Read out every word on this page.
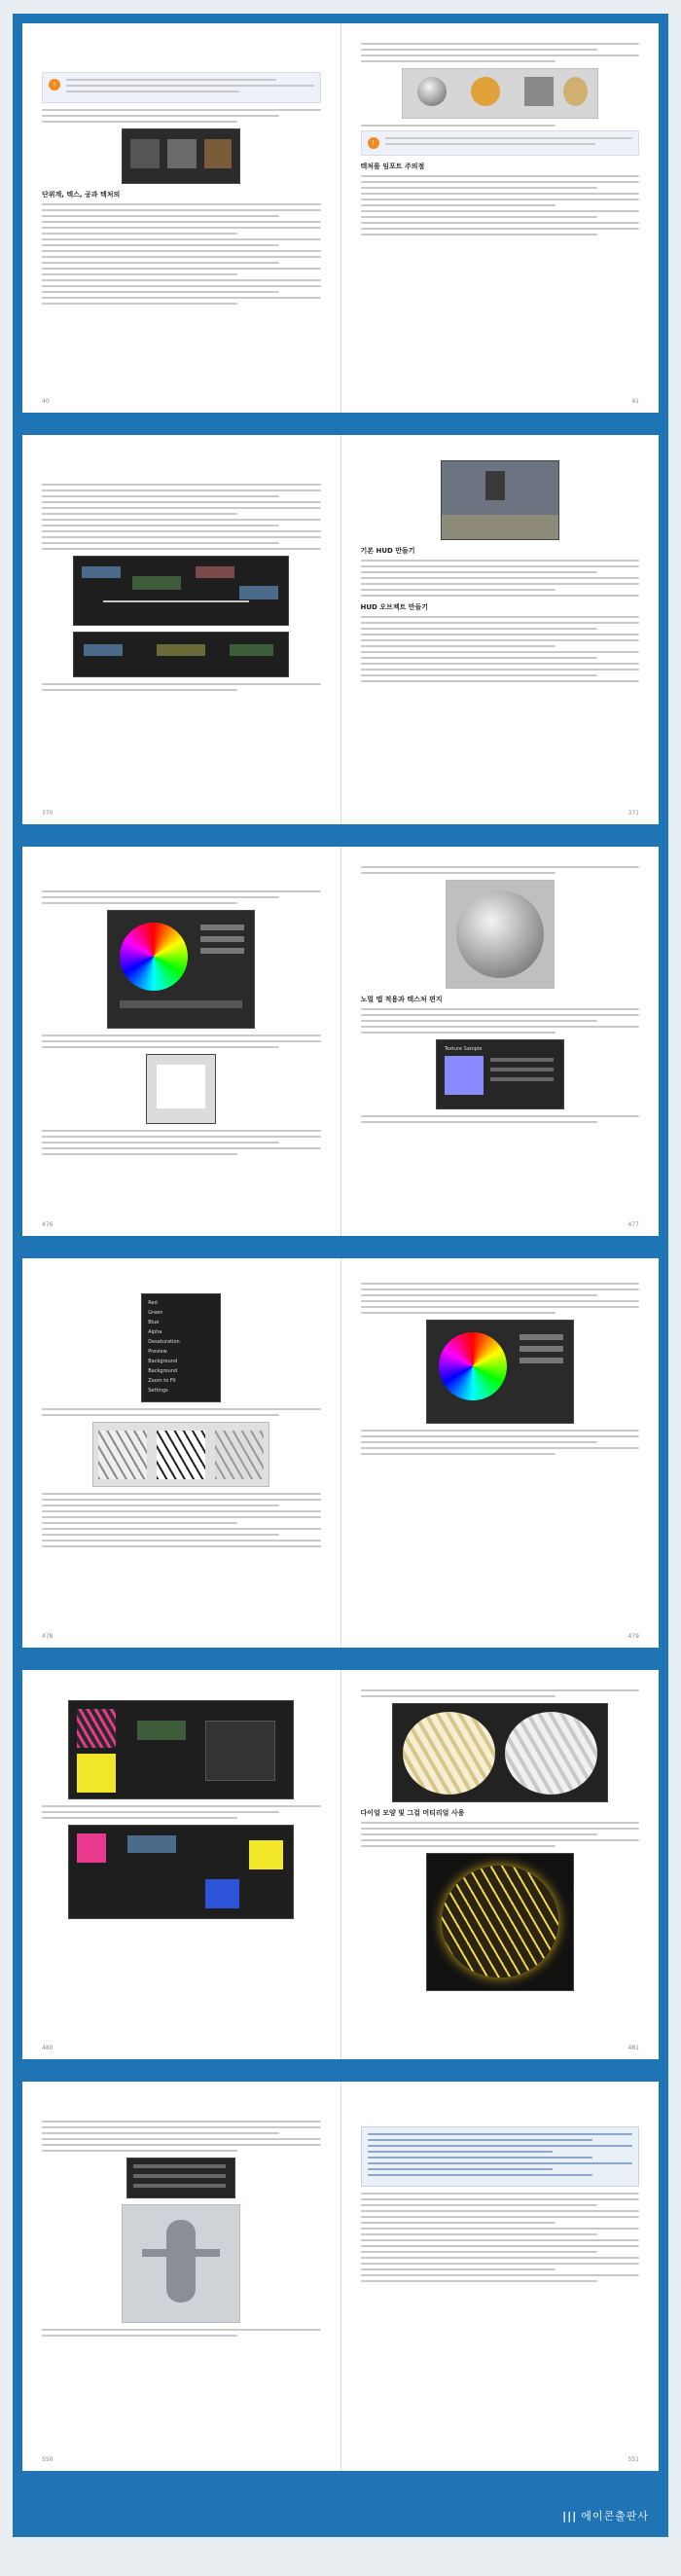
!
단위계, 텍스, 공과 텍처의
40
!
텍처를 임포트 주의점
41
370
기본 HUD 만들기
HUD 오브젝트 만들기
371
476
노멀 맵 적용과 텍스처 편지
Texture Sample
477
Red
Green
Blue
Alpha
Desaturation
Preview
Background
Background
Zoom to Fit
Settings
478	479
480
다이얼 모양 및 그걸 머티리얼 사용
481
550	551
||| 에이콘출판사
